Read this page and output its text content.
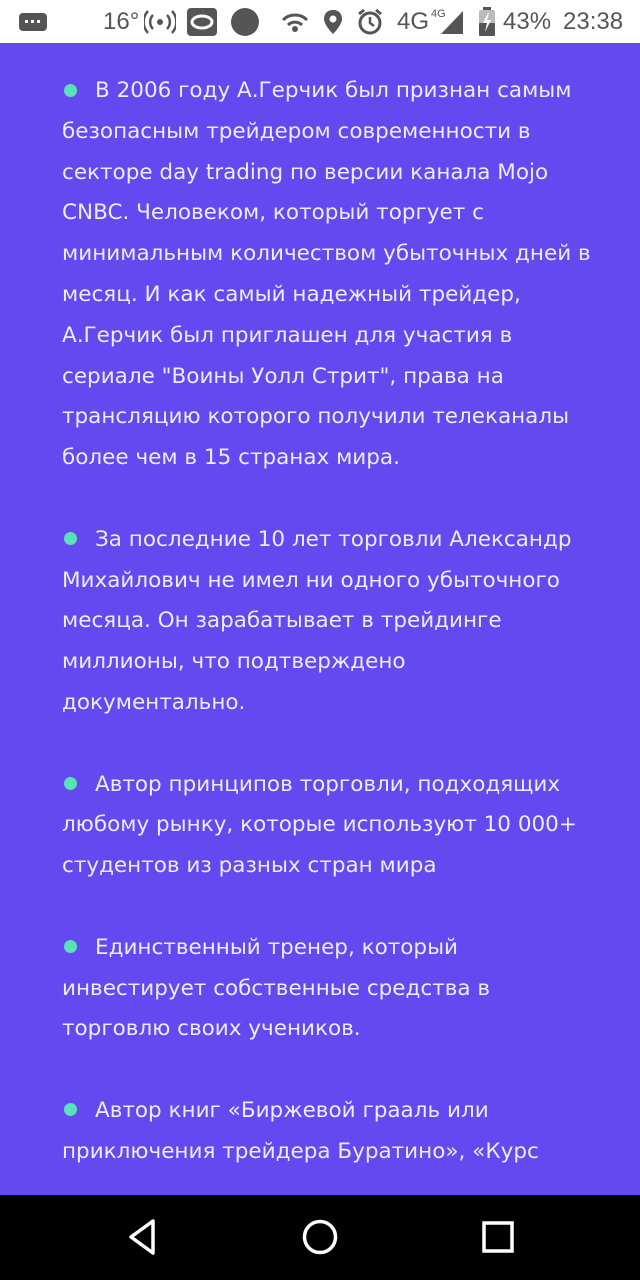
16°	4G 4G 43% 23:38
В 2006 году А.Герчик был признан самым безопасным трейдером современности в секторе day trading по версии канала Mojo CNBC. Человеком, который торгует с минимальным количеством убыточных дней в месяц. И как самый надежный трейдер, А.Герчик был приглашен для участия в сериале "Воины Уолл Стрит", права на трансляцию которого получили телеканалы более чем в 15 странах мира.
За последние 10 лет торговли Александр Михайлович не имел ни одного убыточного месяца. Он зарабатывает в трейдинге миллионы, что подтверждено документально.
Автор принципов торговли, подходящих любому рынку, которые используют 10 000+ студентов из разных стран мира
Единственный тренер, который инвестирует собственные средства в торговлю своих учеников.
Автор книг «Биржевой грааль или приключения трейдера Буратино», «Курс
